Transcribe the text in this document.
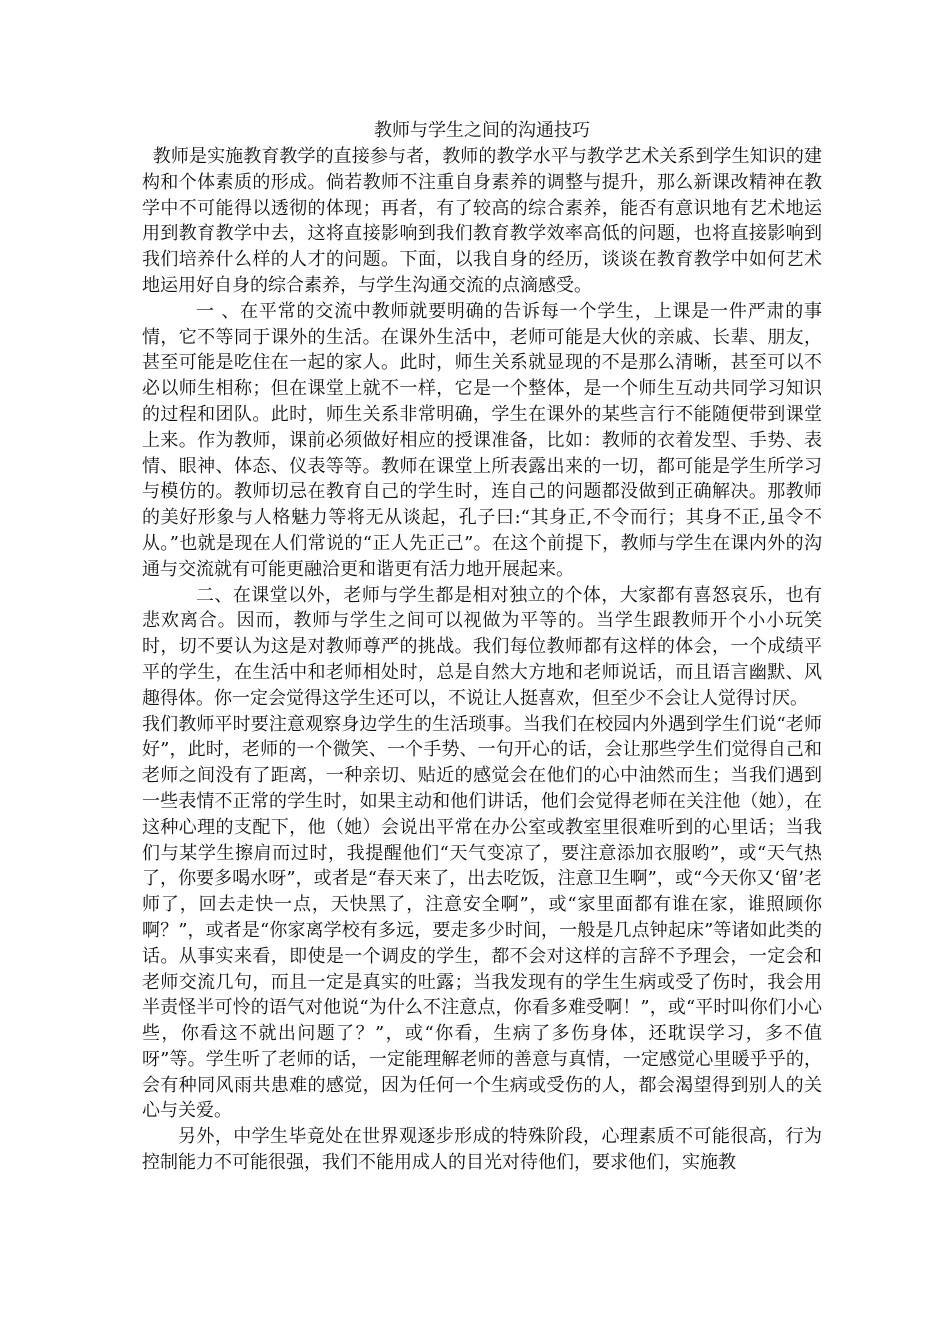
教师与学生之间的沟通技巧

教师是实施教育教学的直接参与者，教师的教学水平与教学艺术关系到学生知识的建构和个体素质的形成。倘若教师不注重自身素养的调整与提升，那么新课改精神在教学中不可能得以透彻的体现；再者，有了较高的综合素养，能否有意识地有艺术地运用到教育教学中去，这将直接影响到我们教育教学效率高低的问题，也将直接影响到我们培养什么样的人才的问题。下面，以我自身的经历，谈谈在教育教学中如何艺术地运用好自身的综合素养，与学生沟通交流的点滴感受。

一 、在平常的交流中教师就要明确的告诉每一个学生，上课是一件严肃的事情，它不等同于课外的生活。在课外生活中，老师可能是大伙的亲戚、长辈、朋友，甚至可能是吃住在一起的家人。此时，师生关系就显现的不是那么清晰，甚至可以不必以师生相称；但在课堂上就不一样，它是一个整体，是一个师生互动共同学习知识的过程和团队。此时，师生关系非常明确，学生在课外的某些言行不能随便带到课堂上来。作为教师，课前必须做好相应的授课准备，比如：教师的衣着发型、手势、表情、眼神、体态、仪表等等。教师在课堂上所表露出来的一切，都可能是学生所学习与模仿的。教师切忌在教育自己的学生时，连自己的问题都没做到正确解决。那教师的美好形象与人格魅力等将无从谈起，孔子曰:“其身正,不令而行；其身不正,虽令不从。”也就是现在人们常说的“正人先正己”。在这个前提下，教师与学生在课内外的沟通与交流就有可能更融洽更和谐更有活力地开展起来。

二、在课堂以外，老师与学生都是相对独立的个体，大家都有喜怒哀乐，也有悲欢离合。因而，教师与学生之间可以视做为平等的。当学生跟教师开个小小玩笑时，切不要认为这是对教师尊严的挑战。我们每位教师都有这样的体会，一个成绩平平的学生，在生活中和老师相处时，总是自然大方地和老师说话，而且语言幽默、风趣得体。你一定会觉得这学生还可以，不说让人挺喜欢，但至少不会让人觉得讨厌。

我们教师平时要注意观察身边学生的生活琐事。当我们在校园内外遇到学生们说“老师好”，此时，老师的一个微笑、一个手势、一句开心的话，会让那些学生们觉得自己和老师之间没有了距离，一种亲切、贴近的感觉会在他们的心中油然而生；当我们遇到一些表情不正常的学生时，如果主动和他们讲话，他们会觉得老师在关注他（她），在这种心理的支配下，他（她）会说出平常在办公室或教室里很难听到的心里话；当我们与某学生擦肩而过时，我提醒他们“天气变凉了，要注意添加衣服哟”，或“天气热了，你要多喝水呀”，或者是“春天来了，出去吃饭，注意卫生啊”，或“今天你又‘留’老师了，回去走快一点，天快黑了，注意安全啊”，或“家里面都有谁在家，谁照顾你啊？”，或者是“你家离学校有多远，要走多少时间，一般是几点钟起床”等诸如此类的话。从事实来看，即使是一个调皮的学生，都不会对这样的言辞不予理会，一定会和老师交流几句，而且一定是真实的吐露；当我发现有的学生生病或受了伤时，我会用半责怪半可怜的语气对他说“为什么不注意点，你看多难受啊！”，或“平时叫你们小心些，你看这不就出问题了？”，或“你看，生病了多伤身体，还耽误学习，多不值呀”等。学生听了老师的话，一定能理解老师的善意与真情，一定感觉心里暖乎乎的，会有种同风雨共患难的感觉，因为任何一个生病或受伤的人，都会渴望得到别人的关心与关爱。

另外，中学生毕竟处在世界观逐步形成的特殊阶段，心理素质不可能很高，行为控制能力不可能很强，我们不能用成人的目光对待他们，要求他们，实施教
